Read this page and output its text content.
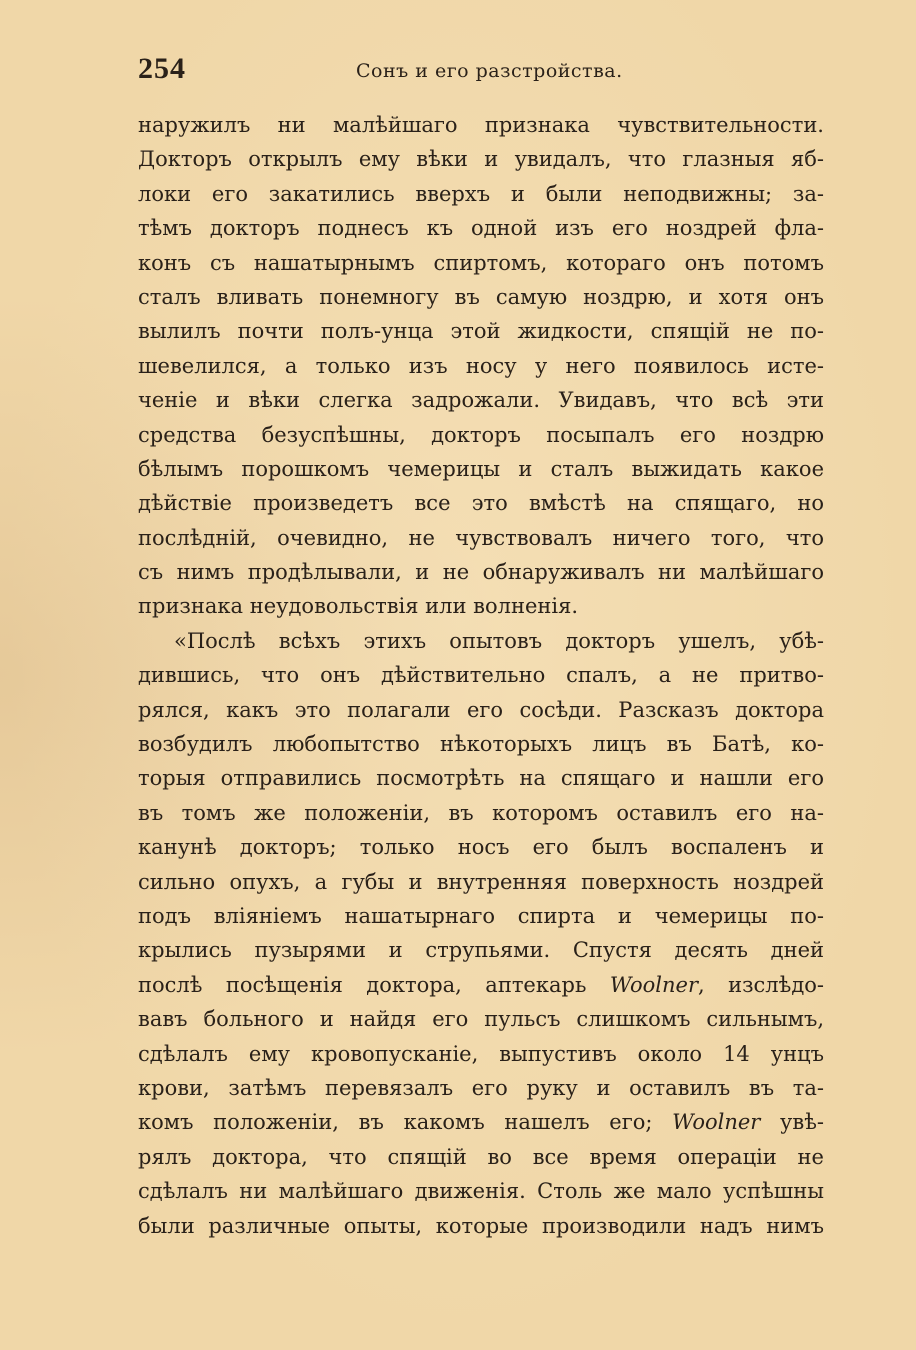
254	Сонъ и его разстройства.
наружилъ ни малѣйшаго признака чувствительности.
Докторъ открылъ ему вѣки и увидалъ, что глазныя яб-
локи его закатились вверхъ и были неподвижны; за-
тѣмъ докторъ поднесъ къ одной изъ его ноздрей фла-
конъ съ нашатырнымъ спиртомъ, котораго онъ потомъ
сталъ вливать понемногу въ самую ноздрю, и хотя онъ
вылилъ почти полъ-унца этой жидкости, спящій не по-
шевелился, а только изъ носу у него появилось истe-
ченіе и вѣки слегка задрожали. Увидавъ, что всѣ эти
средства безуспѣшны, докторъ посыпалъ его ноздрю
бѣлымъ порошкомъ чемерицы и сталъ выжидать какое
дѣйствіе произведетъ все это вмѣстѣ на спящаго, но
послѣдній, очевидно, не чувствовалъ ничего того, что
съ нимъ продѣлывали, и не обнаруживалъ ни малѣйшаго
признака неудовольствія или волненія.
«Послѣ всѣхъ этихъ опытовъ докторъ ушелъ, убѣ-
дившись, что онъ дѣйствительно спалъ, а не притво-
рялся, какъ это полагали его сосѣди. Разсказъ доктора
возбудилъ любопытство нѣкоторыхъ лицъ въ Батѣ, ко-
торыя отправились посмотрѣть на спящаго и нашли его
въ томъ же положеніи, въ которомъ оставилъ его на-
канунѣ докторъ; только носъ его былъ воспаленъ и
сильно опухъ, а губы и внутренняя поверхность ноздрей
подъ вліяніемъ нашатырнаго спирта и чемерицы по-
крылись пузырями и струпьями. Спустя десять дней
послѣ посѣщенія доктора, аптекарь Woolner, изслѣдо-
вавъ больного и найдя его пульсъ слишкомъ сильнымъ,
сдѣлалъ ему кровопусканіе, выпустивъ около 14 унцъ
крови, затѣмъ перевязалъ его руку и оставилъ въ та-
комъ положеніи, въ какомъ нашелъ его; Woolner увѣ-
рялъ доктора, что спящій во все время операціи не
сдѣлалъ ни малѣйшаго движенія. Столь же мало успѣшны
были различные опыты, которые производили надъ нимъ
